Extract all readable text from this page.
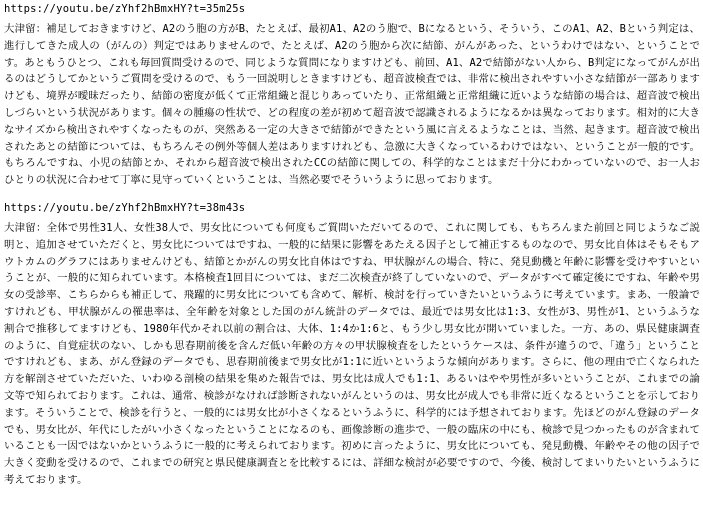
https://youtu.be/zYhf2hBmxHY?t=35m25s

大津留：補足しておきますけど、A2のう胞の方がB、たとえば、最初A1、A2のう胞で、Bになるという、そういう、このA1、A2、Bという判定は、進行してきた成人の（がんの）判定ではありませんので、たとえば、A2のう胞から次に結節、がんがあった、というわけではない、ということです。あともうひとつ、これも毎回質問受けるので、同じような質問になりますけども、前回、A1、A2で結節がない人から、B判定になってがんが出るのはどうしてかというご質問を受けるので、もう一回説明しときますけども、超音波検査では、非常に検出されやすい小さな結節が一部ありますけども、境界が曖昧だったり、結節の密度が低くて正常組織と混じりあっていたり、正常組織と正常組織に近いような結節の場合は、超音波で検出しづらいという状況があります。個々の腫瘍の性状で、どの程度の差が初めて超音波で認識されるようになるかは異なっております。相対的に大きなサイズから検出されやすくなったものが、突然ある一定の大きさで結節ができたという風に言えるようなことは、当然、起きます。超音波で検出されたあとの結節については、もちろんその例外等個人差はありますけれども、急激に大きくなっているわけではない、ということが一般的です。もちろんですね、小児の結節とか、それから超音波で検出されたCCの結節に関しての、科学的なことはまだ十分にわかっていないので、お一人おひとりの状況に合わせて丁寧に見守っていくということは、当然必要でそういうように思っております。

https://youtu.be/zYhf2hBmxHY?t=38m43s

大津留：全体で男性31人、女性38人で、男女比についても何度もご質問いただいてるので、これに関しても、もちろんまた前回と同じようなご説明と、追加させていただくと、男女比についてはですね、一般的に結果に影響をあたえる因子として補正するものなので、男女比自体はそもそもアウトカムのグラフにはありませんけども、結節とかがんの男女比自体はですね、甲状腺がんの場合、特に、発見動機と年齢に影響を受けやすいということが、一般的に知られています。本格検査1回目については、まだ二次検査が終了していないので、データがすべて確定後にですね、年齢や男女の受診率、こちらからも補正して、飛躍的に男女比についても含めて、解析、検討を行っていきたいというふうに考えています。まあ、一般論ですけれども、甲状腺がんの罹患率は、全年齢を対象とした国のがん統計のデータでは、最近では男女比は1:3、女性が3、男性が1、というふうな割合で推移してますけども、1980年代かそれ以前の割合は、大体、1:4か1:6と、もう少し男女比が開いていました。一方、あの、県民健康調査のように、自覚症状のない、しかも思春期前後を含んだ低い年齢の方々の甲状腺検査をしたというケースは、条件が違うので、「違う」ということですけれども、まあ、がん登録のデータでも、思春期前後まで男女比が1:1に近いというような傾向があります。さらに、他の理由で亡くなられた方を解剖させていただいた、いわゆる剖検の結果を集めた報告では、男女比は成人でも1:1、あるいはやや男性が多いということが、これまでの論文等で知られております。これは、通常、検診がなければ診断されないがんというのは、男女比が成人でも非常に近くなるということを示しております。そういうことで、検診を行うと、一般的には男女比が小さくなるというふうに、科学的には予想されております。先ほどのがん登録のデータでも、男女比が、年代にしたがい小さくなったということになるのも、画像診断の進歩で、一般の臨床の中にも、検診で見つかったものが含まれていることも一因ではないかというふうに一般的に考えられております。初めに言ったように、男女比についても、発見動機、年齢やその他の因子で大きく変動を受けるので、これまでの研究と県民健康調査とを比較するには、詳細な検討が必要ですので、今後、検討してまいりたいというふうに考えております。
